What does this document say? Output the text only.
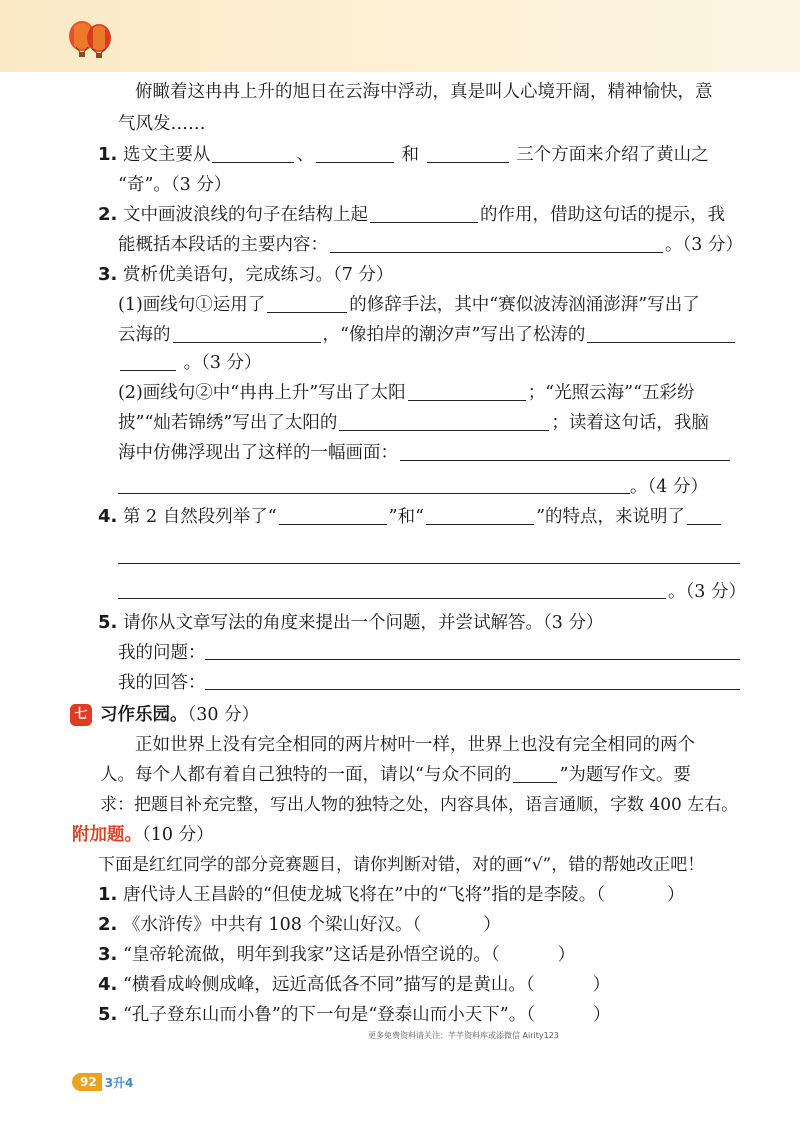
俯瞰着这冉冉上升的旭日在云海中浮动，真是叫人心境开阔，精神愉快，意
气风发……
1. 选文主要从	、	和	三个方面来介绍了黄山之
“奇”。（3 分）
2. 文中画波浪线的句子在结构上起	的作用，借助这句话的提示，我
能概括本段话的主要内容：	。（3 分）
3. 赏析优美语句，完成练习。（7 分）
(1)画线句①运用了	的修辞手法，其中“赛似波涛汹涌澎湃”写出了
云海的	，“像拍岸的潮汐声”写出了松涛的
。（3 分）
(2)画线句②中“冉冉上升”写出了太阳	；“光照云海”“五彩纷
披”“灿若锦绣”写出了太阳的	；读着这句话，我脑
海中仿佛浮现出了这样的一幅画面：
。（4 分）
4. 第 2 自然段列举了“	”和“	”的特点，来说明了
。（3 分）
5. 请你从文章写法的角度来提出一个问题，并尝试解答。（3 分）
我的问题：
我的回答：
七 习作乐园。（30 分）
正如世界上没有完全相同的两片树叶一样，世界上也没有完全相同的两个
人。每个人都有着自己独特的一面，请以“与众不同的	”为题写作文。要
求：把题目补充完整，写出人物的独特之处，内容具体，语言通顺，字数 400 左右。
附加题。（10 分）
下面是红红同学的部分竞赛题目，请你判断对错，对的画“√”，错的帮她改正吧！
1. 唐代诗人王昌龄的“但使龙城飞将在”中的“飞将”指的是李陵。（	）
2. 《水浒传》中共有 108 个梁山好汉。（	）
3. “皇帝轮流做，明年到我家”这话是孙悟空说的。（	）
4. “横看成岭侧成峰，远近高低各不同”描写的是黄山。（	）
5. “孔子登东山而小鲁”的下一句是“登泰山而小天下”。（	）
更多免费资料请关注：芊芊资料库或添微信 Airity123
92 3升4
